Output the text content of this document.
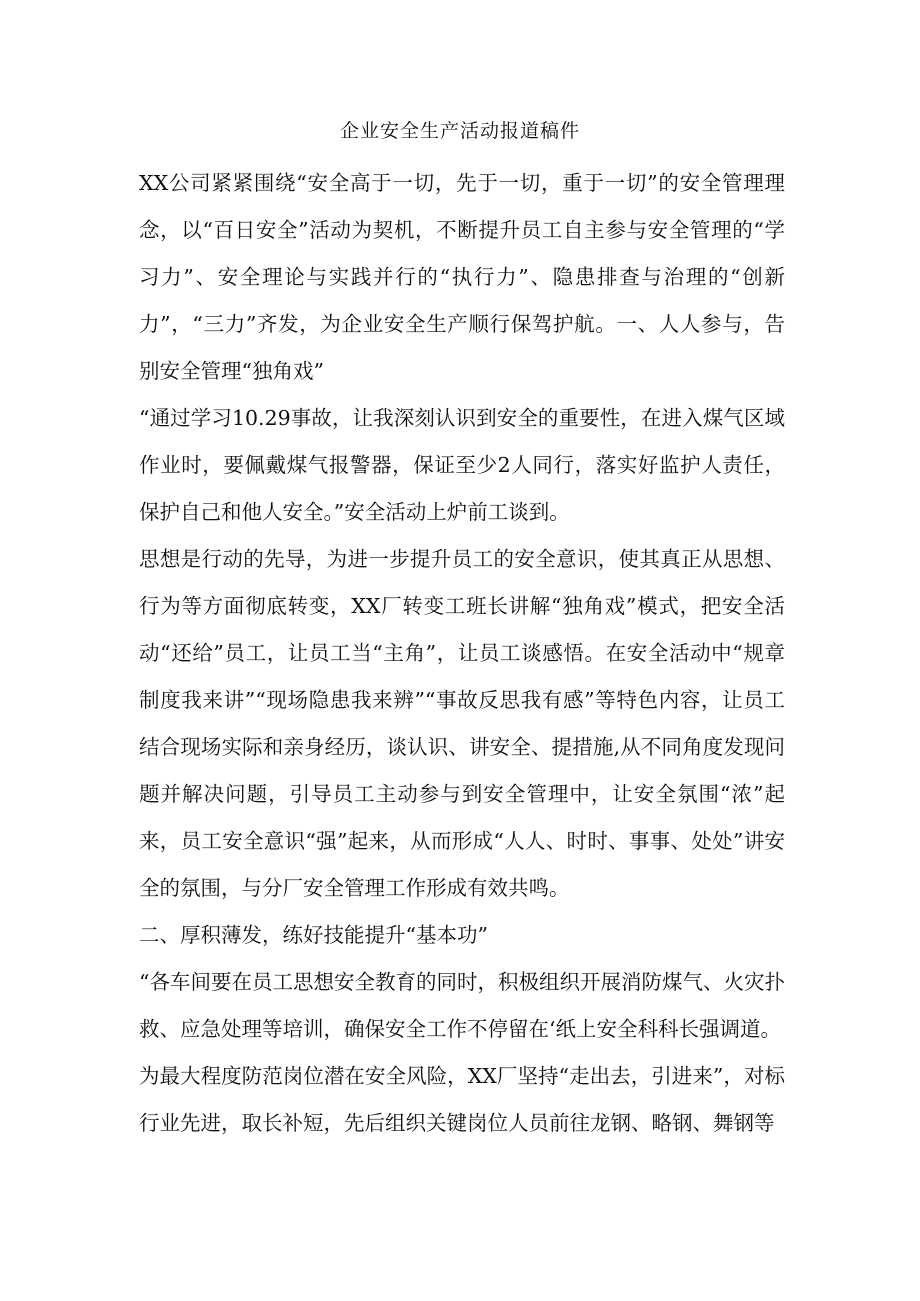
企业安全生产活动报道稿件

XX公司紧紧围绕“安全高于一切，先于一切，重于一切”的安全管理理念，以“百日安全”活动为契机，不断提升员工自主参与安全管理的“学习力”、安全理论与实践并行的“执行力”、隐患排查与治理的“创新力”，“三力”齐发，为企业安全生产顺行保驾护航。一、人人参与，告别安全管理“独角戏”

“通过学习10.29事故，让我深刻认识到安全的重要性，在进入煤气区域作业时，要佩戴煤气报警器，保证至少2人同行，落实好监护人责任，保护自己和他人安全。”安全活动上炉前工谈到。

思想是行动的先导，为进一步提升员工的安全意识，使其真正从思想、行为等方面彻底转变，XX厂转变工班长讲解“独角戏”模式，把安全活动“还给”员工，让员工当“主角”，让员工谈感悟。在安全活动中“规章制度我来讲”“现场隐患我来辨”“事故反思我有感”等特色内容，让员工结合现场实际和亲身经历，谈认识、讲安全、提措施,从不同角度发现问题并解决问题，引导员工主动参与到安全管理中，让安全氛围“浓”起来，员工安全意识“强”起来，从而形成“人人、时时、事事、处处”讲安全的氛围，与分厂安全管理工作形成有效共鸣。

二、厚积薄发，练好技能提升“基本功”

“各车间要在员工思想安全教育的同时，积极组织开展消防煤气、火灾扑救、应急处理等培训，确保安全工作不停留在‘纸上安全科科长强调道。

为最大程度防范岗位潜在安全风险，XX厂坚持“走出去，引进来”，对标行业先进，取长补短，先后组织关键岗位人员前往龙钢、略钢、舞钢等
